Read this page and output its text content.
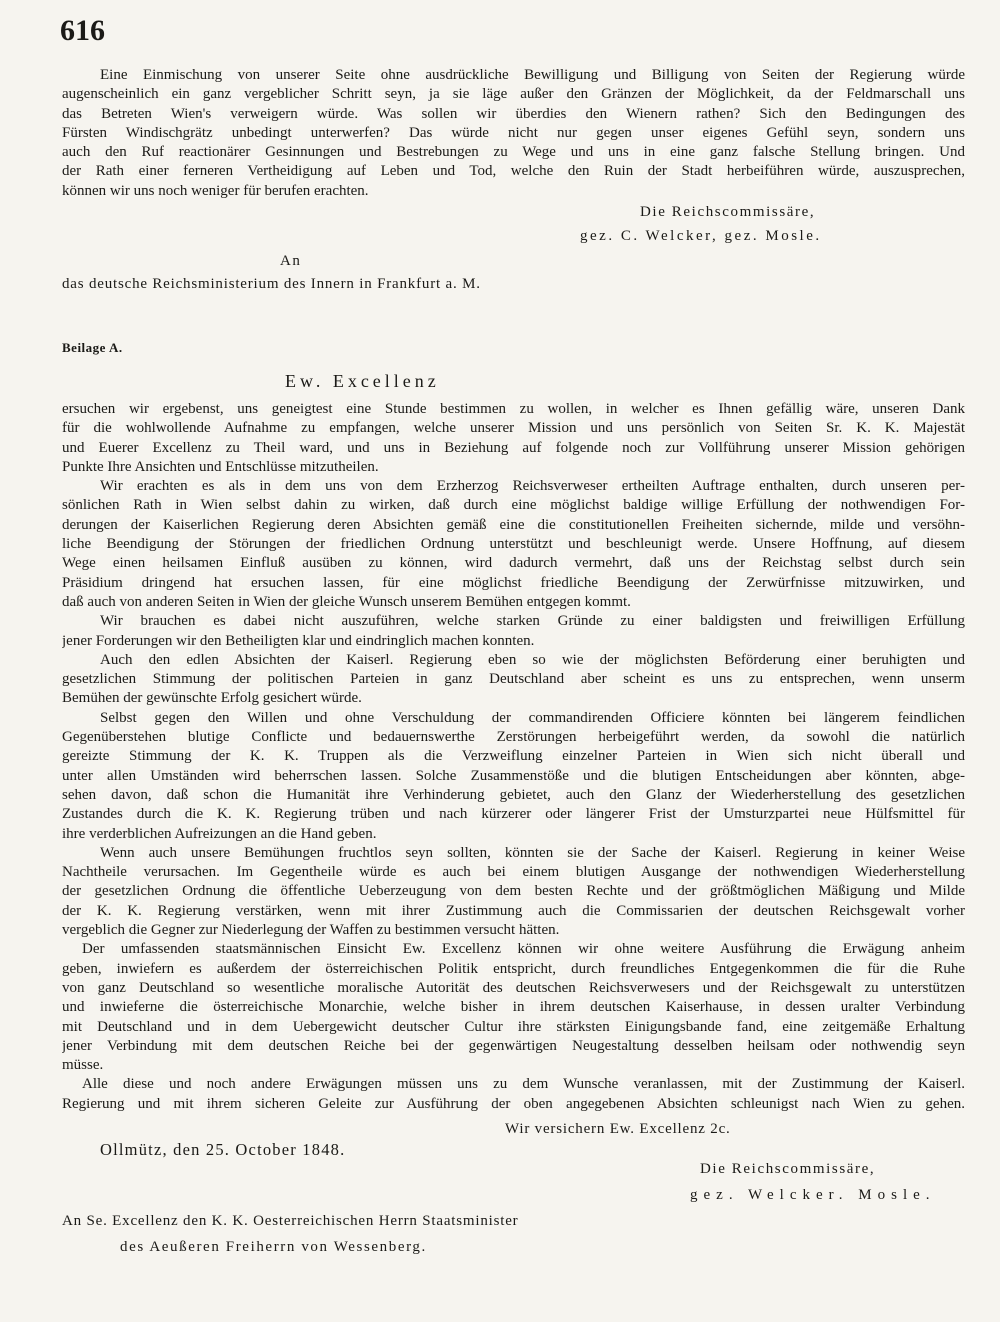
616
Eine Einmischung von unserer Seite ohne ausdrückliche Bewilligung und Billigung von Seiten der Regierung würde
augenscheinlich ein ganz vergeblicher Schritt seyn, ja sie läge außer den Gränzen der Möglichkeit, da der Feldmarschall uns
das Betreten Wien's verweigern würde. Was sollen wir überdies den Wienern rathen? Sich den Bedingungen des
Fürsten Windischgrätz unbedingt unterwerfen? Das würde nicht nur gegen unser eigenes Gefühl seyn, sondern uns
auch den Ruf reactionärer Gesinnungen und Bestrebungen zu Wege und uns in eine ganz falsche Stellung bringen. Und
der Rath einer ferneren Vertheidigung auf Leben und Tod, welche den Ruin der Stadt herbeiführen würde, auszusprechen,
können wir uns noch weniger für berufen erachten.
Die Reichscommissäre,
gez. C. Welcker, gez. Mosle.
An
das deutsche Reichsministerium des Innern in Frankfurt a. M.
Beilage A.
Ew. Excellenz
ersuchen wir ergebenst, uns geneigtest eine Stunde bestimmen zu wollen, in welcher es Ihnen gefällig wäre, unseren Dank
für die wohlwollende Aufnahme zu empfangen, welche unserer Mission und uns persönlich von Seiten Sr. K. K. Majestät
und Euerer Excellenz zu Theil ward, und uns in Beziehung auf folgende noch zur Vollführung unserer Mission gehörigen
Punkte Ihre Ansichten und Entschlüsse mitzutheilen.
Wir erachten es als in dem uns von dem Erzherzog Reichsverweser ertheilten Auftrage enthalten, durch unseren per-
sönlichen Rath in Wien selbst dahin zu wirken, daß durch eine möglichst baldige willige Erfüllung der nothwendigen For-
derungen der Kaiserlichen Regierung deren Absichten gemäß eine die constitutionellen Freiheiten sichernde, milde und versöhn-
liche Beendigung der Störungen der friedlichen Ordnung unterstützt und beschleunigt werde. Unsere Hoffnung, auf diesem
Wege einen heilsamen Einfluß ausüben zu können, wird dadurch vermehrt, daß uns der Reichstag selbst durch sein
Präsidium dringend hat ersuchen lassen, für eine möglichst friedliche Beendigung der Zerwürfnisse mitzuwirken, und
daß auch von anderen Seiten in Wien der gleiche Wunsch unserem Bemühen entgegen kommt.
Wir brauchen es dabei nicht auszuführen, welche starken Gründe zu einer baldigsten und freiwilligen Erfüllung
jener Forderungen wir den Betheiligten klar und eindringlich machen konnten.
Auch den edlen Absichten der Kaiserl. Regierung eben so wie der möglichsten Beförderung einer beruhigten und
gesetzlichen Stimmung der politischen Parteien in ganz Deutschland aber scheint es uns zu entsprechen, wenn unserm
Bemühen der gewünschte Erfolg gesichert würde.
Selbst gegen den Willen und ohne Verschuldung der commandirenden Officiere könnten bei längerem feindlichen
Gegenüberstehen blutige Conflicte und bedauernswerthe Zerstörungen herbeigeführt werden, da sowohl die natürlich
gereizte Stimmung der K. K. Truppen als die Verzweiflung einzelner Parteien in Wien sich nicht überall und
unter allen Umständen wird beherrschen lassen. Solche Zusammenstöße und die blutigen Entscheidungen aber könnten, abge-
sehen davon, daß schon die Humanität ihre Verhinderung gebietet, auch den Glanz der Wiederherstellung des gesetzlichen
Zustandes durch die K. K. Regierung trüben und nach kürzerer oder längerer Frist der Umsturzpartei neue Hülfsmittel für
ihre verderblichen Aufreizungen an die Hand geben.
Wenn auch unsere Bemühungen fruchtlos seyn sollten, könnten sie der Sache der Kaiserl. Regierung in keiner Weise
Nachtheile verursachen. Im Gegentheile würde es auch bei einem blutigen Ausgange der nothwendigen Wiederherstellung
der gesetzlichen Ordnung die öffentliche Ueberzeugung von dem besten Rechte und der größtmöglichen Mäßigung und Milde
der K. K. Regierung verstärken, wenn mit ihrer Zustimmung auch die Commissarien der deutschen Reichsgewalt vorher
vergeblich die Gegner zur Niederlegung der Waffen zu bestimmen versucht hätten.
Der umfassenden staatsmännischen Einsicht Ew. Excellenz können wir ohne weitere Ausführung die Erwägung anheim
geben, inwiefern es außerdem der österreichischen Politik entspricht, durch freundliches Entgegenkommen die für die Ruhe
von ganz Deutschland so wesentliche moralische Autorität des deutschen Reichsverwesers und der Reichsgewalt zu unterstützen
und inwieferne die österreichische Monarchie, welche bisher in ihrem deutschen Kaiserhause, in dessen uralter Verbindung
mit Deutschland und in dem Uebergewicht deutscher Cultur ihre stärksten Einigungsbande fand, eine zeitgemäße Erhaltung
jener Verbindung mit dem deutschen Reiche bei der gegenwärtigen Neugestaltung desselben heilsam oder nothwendig seyn
müsse.
Alle diese und noch andere Erwägungen müssen uns zu dem Wunsche veranlassen, mit der Zustimmung der Kaiserl.
Regierung und mit ihrem sicheren Geleite zur Ausführung der oben angegebenen Absichten schleunigst nach Wien zu gehen.
Wir versichern Ew. Excellenz 2c.
Ollmütz, den 25. October 1848.
Die Reichscommissäre,
gez. Welcker. Mosle.
An Se. Excellenz den K. K. Oesterreichischen Herrn Staatsminister
des Aeußeren Freiherrn von Wessenberg.
